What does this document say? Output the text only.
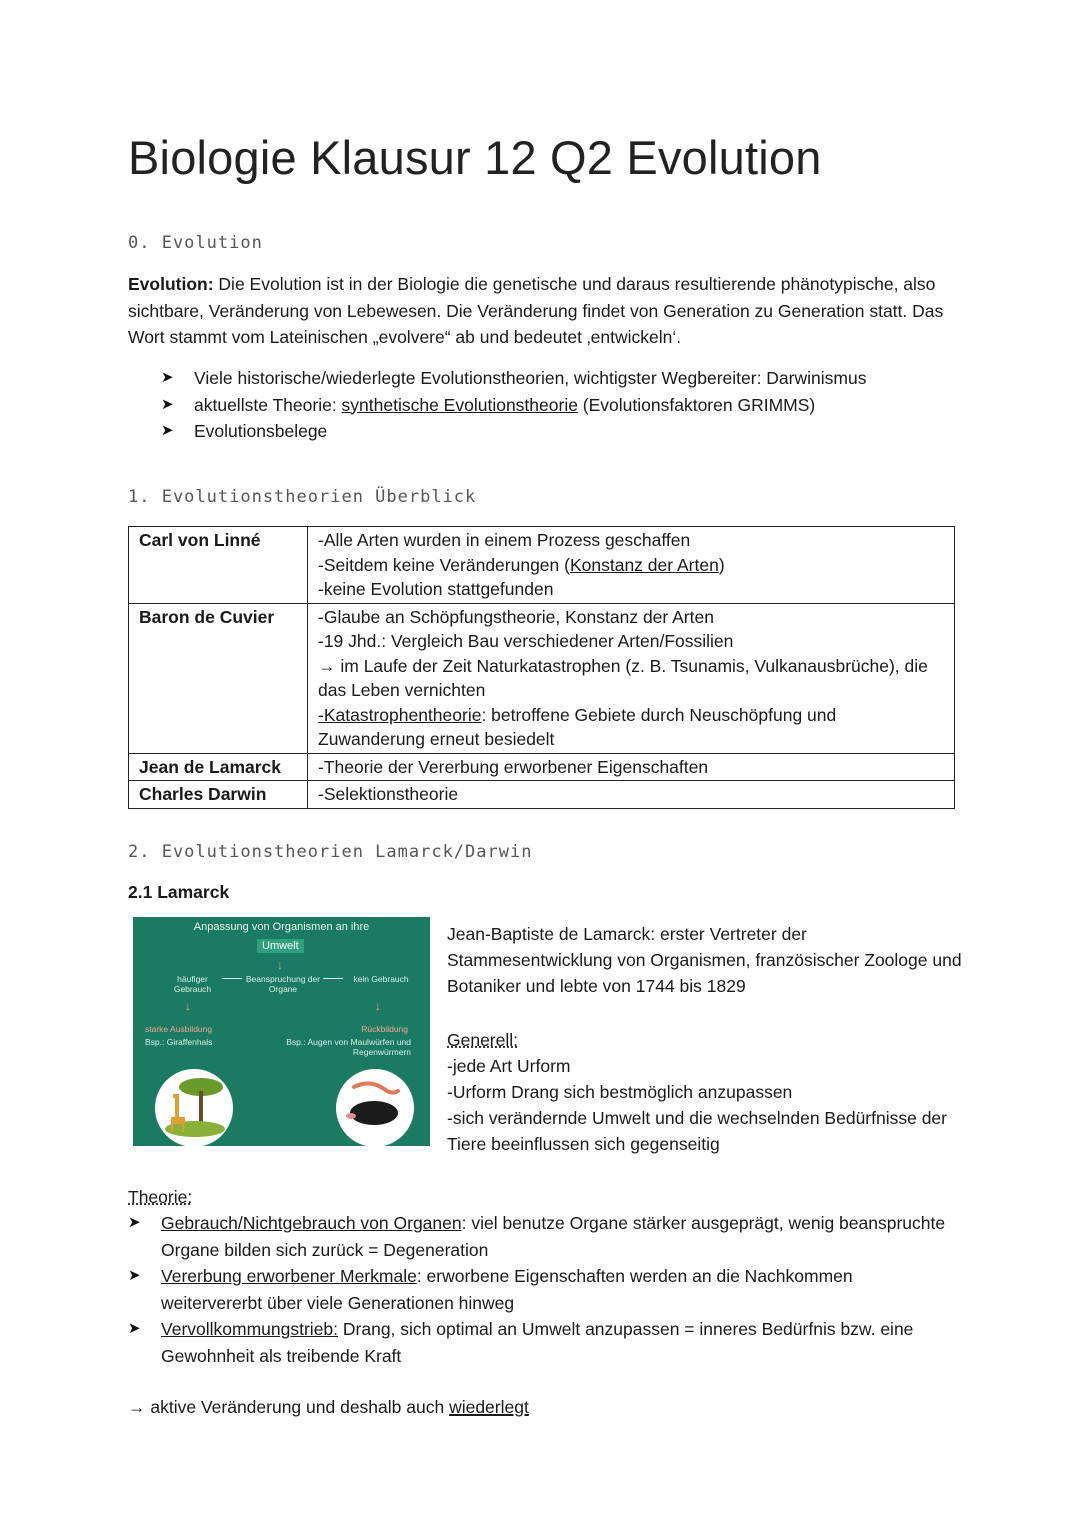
Biologie Klausur 12 Q2 Evolution
0. Evolution
Evolution: Die Evolution ist in der Biologie die genetische und daraus resultierende phänotypische, also sichtbare, Veränderung von Lebewesen. Die Veränderung findet von Generation zu Generation statt. Das Wort stammt vom Lateinischen „evolvere“ ab und bedeutet ‚entwickeln‘.
➤ Viele historische/wiederlegte Evolutionstheorien, wichtigster Wegbereiter: Darwinismus
➤ aktuellste Theorie: synthetische Evolutionstheorie (Evolutionsfaktoren GRIMMS)
➤ Evolutionsbelege
1. Evolutionstheorien Überblick
Carl von Linné	-Alle Arten wurden in einem Prozess geschaffen
-Seitdem keine Veränderungen (Konstanz der Arten)
-keine Evolution stattgefunden

Baron de Cuvier	-Glaube an Schöpfungstheorie, Konstanz der Arten
-19 Jhd.: Vergleich Bau verschiedener Arten/Fossilien
→ im Laufe der Zeit Naturkatastrophen (z. B. Tsunamis, Vulkanausbrüche), die das Leben vernichten
-Katastrophentheorie: betroffene Gebiete durch Neuschöpfung und Zuwanderung erneut besiedelt

Jean de Lamarck	-Theorie der Vererbung erworbener Eigenschaften
Charles Darwin	-Selektionstheorie
2. Evolutionstheorien Lamarck/Darwin
2.1 Lamarck
Anpassung von Organismen an ihre
Umwelt
↓
häufiger Gebrauch
Beanspruchung der Organe
kein Gebrauch
↓	↓
starke Ausbildung
Bsp.: Giraffenhals
Rückbildung
Bsp.: Augen von Maulwürfen und Regenwürmern
Jean-Baptiste de Lamarck: erster Vertreter der Stammesentwicklung von Organismen, französischer Zoologe und Botaniker und lebte von 1744 bis 1829
Generell:
-jede Art Urform
-Urform Drang sich bestmöglich anzupassen
-sich verändernde Umwelt und die wechselnden Bedürfnisse der Tiere beeinflussen sich gegenseitig
Theorie:
➤ Gebrauch/Nichtgebrauch von Organen: viel benutze Organe stärker ausgeprägt, wenig beanspruchte Organe bilden sich zurück = Degeneration
➤ Vererbung erworbener Merkmale: erworbene Eigenschaften werden an die Nachkommen weitervererbt über viele Generationen hinweg
➤ Vervollkommungstrieb: Drang, sich optimal an Umwelt anzupassen = inneres Bedürfnis bzw. eine Gewohnheit als treibende Kraft
→ aktive Veränderung und deshalb auch wiederlegt
